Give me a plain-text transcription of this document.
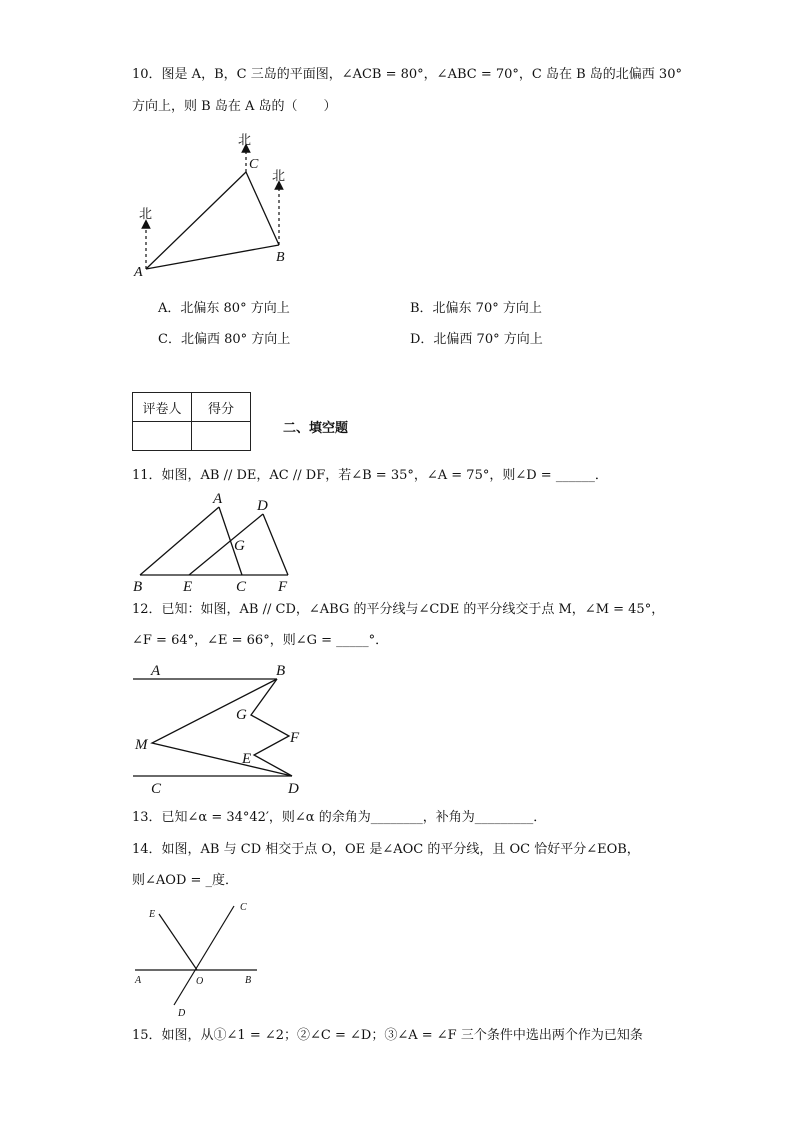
10．图是 A，B，C 三岛的平面图，∠ACB = 80°，∠ABC = 70°，C 岛在 B 岛的北偏西 30°
方向上，则 B 岛在 A 岛的（　　）
北
北
北
A
B
C
A．北偏东 80° 方向上	B．北偏东 70° 方向上
C．北偏西 80° 方向上	D．北偏西 70° 方向上
评卷人	得分

二、填空题
11．如图，AB // DE，AC // DF，若∠B = 35°，∠A = 75°，则∠D = ______．
A
B	C
D
E	F
G
12．已知：如图，AB // CD，∠ABG 的平分线与∠CDE 的平分线交于点 M，∠M = 45°，
∠F = 64°，∠E = 66°，则∠G = _____°．
A	B
C	D
E
F
G
M
13．已知∠α = 34°42′，则∠α 的余角为________，补角为_________．
14．如图，AB 与 CD 相交于点 O，OE 是∠AOC 的平分线，且 OC 恰好平分∠EOB，
则∠AOD = _度．
A	B
C
D
E
O
15．如图，从①∠1 = ∠2；②∠C = ∠D；③∠A = ∠F 三个条件中选出两个作为已知条
